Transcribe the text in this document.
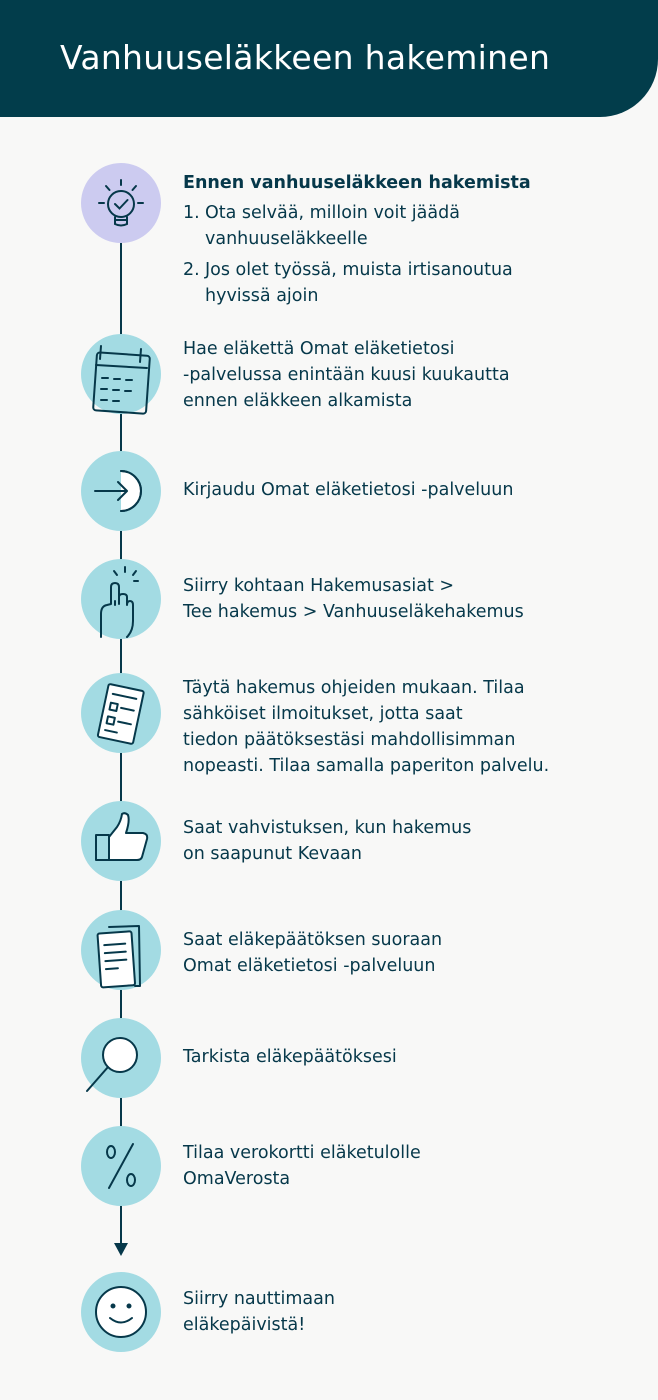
Vanhuuseläkkeen hakeminen
Ennen vanhuuseläkkeen hakemista
1. Ota selvää, milloin voit jäädä
vanhuuseläkkeelle
2. Jos olet työssä, muista irtisanoutua
hyvissä ajoin
Hae eläkettä Omat eläketietosi
-palvelussa enintään kuusi kuukautta
ennen eläkkeen alkamista
Kirjaudu Omat eläketietosi -palveluun
Siirry kohtaan Hakemusasiat >
Tee hakemus > Vanhuuseläkehakemus
Täytä hakemus ohjeiden mukaan. Tilaa
sähköiset ilmoitukset, jotta saat
tiedon päätöksestäsi mahdollisimman
nopeasti. Tilaa samalla paperiton palvelu.
Saat vahvistuksen, kun hakemus
on saapunut Kevaan
Saat eläkepäätöksen suoraan
Omat eläketietosi -palveluun
Tarkista eläkepäätöksesi
Tilaa verokortti eläketulolle
OmaVerosta
Siirry nauttimaan
eläkepäivistä!
